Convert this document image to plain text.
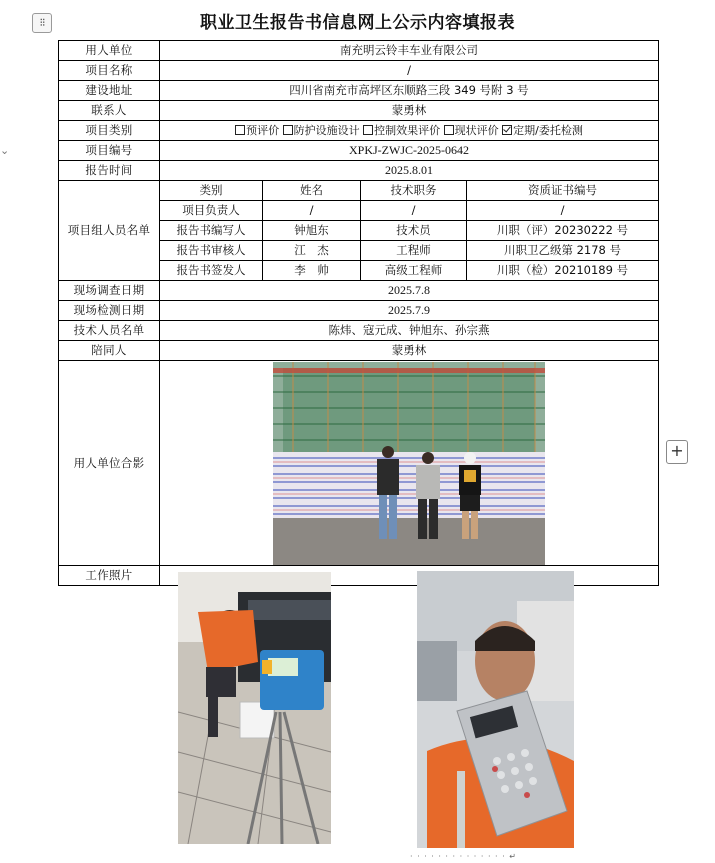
⁝⁝
⌄
+
职业卫生报告书信息网上公示内容填报表
用人单位	南充明云铃丰车业有限公司			
项目名称	/			
建设地址	四川省南充市高坪区东顺路三段 349 号附 3 号			
联系人	蒙勇林			
项目类别	预评价 防护设施设计 控制效果评价 现状评价 定期/委托检测			
项目编号	XPKJ-ZWJC-2025-0642			
报告时间	2025.8.01			
项目组人员名单	类别	姓名	技术职务	资质证书编号
	项目负责人	/	/	/
	报告书编写人	钟旭东	技术员	川职（评）20230222 号
	报告书审核人	江　杰	工程师	川职卫乙级第 2178 号
	报告书签发人	李　帅	高级工程师	川职（检）20210189 号
现场调查日期	2025.7.8			
现场检测日期	2025.7.9			
技术人员名单	陈炜、寇元成、钟旭东、孙宗燕			
陪同人	蒙勇林			
用人单位合影	

工作照片				
· · · · · · · · · · · · · · ↵
